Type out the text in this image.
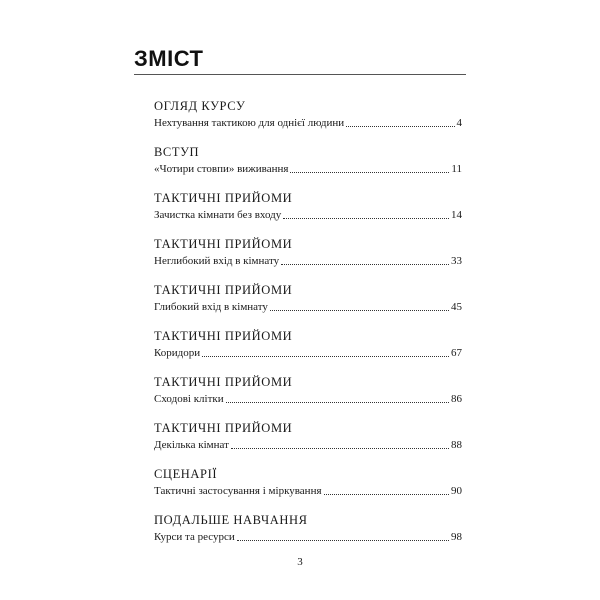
ЗМІСТ
ОГЛЯД КУРСУ
Нехтування тактикою для однієї людини	4
ВСТУП
«Чотири стовпи» виживання	11
ТАКТИЧНІ ПРИЙОМИ
Зачистка кімнати без входу	14
ТАКТИЧНІ ПРИЙОМИ
Неглибокий вхід в кімнату	33
ТАКТИЧНІ ПРИЙОМИ
Глибокий вхід в кімнату	45
ТАКТИЧНІ ПРИЙОМИ
Коридори	67
ТАКТИЧНІ ПРИЙОМИ
Сходові клітки	86
ТАКТИЧНІ ПРИЙОМИ
Декілька кімнат	88
СЦЕНАРІЇ
Тактичні застосування і міркування	90
ПОДАЛЬШЕ НАВЧАННЯ
Курси та ресурси	98
3
